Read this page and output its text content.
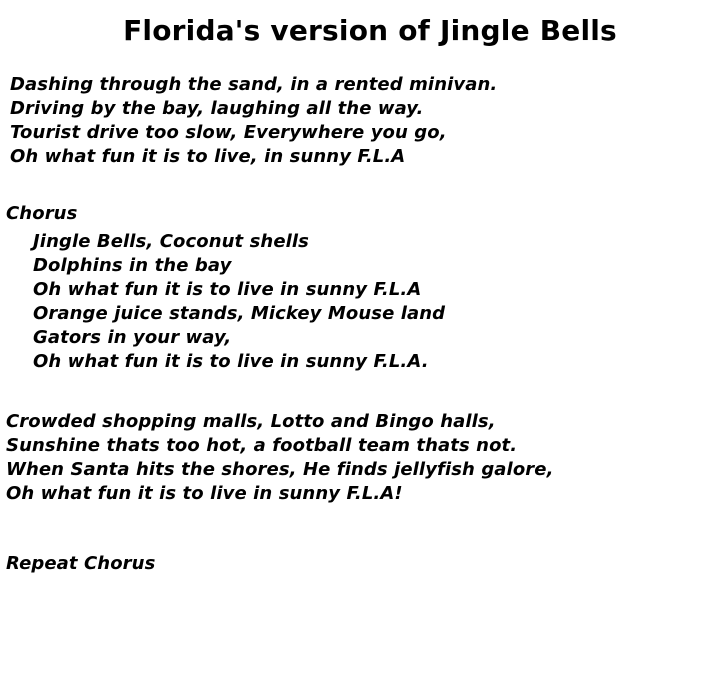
Florida's version of Jingle Bells
Dashing through the sand, in a rented minivan.
Driving by the bay, laughing all the way.
Tourist drive too slow, Everywhere you go,
Oh what fun it is to live, in sunny F.L.A
Chorus
Jingle Bells, Coconut shells
Dolphins in the bay
Oh what fun it is to live in sunny F.L.A
Orange juice stands, Mickey Mouse land
Gators in your way,
Oh what fun it is to live in sunny F.L.A.
Crowded shopping malls, Lotto and Bingo halls,
Sunshine thats too hot, a football team thats not.
When Santa hits the shores, He finds jellyfish galore,
Oh what fun it is to live in sunny F.L.A!
Repeat Chorus
